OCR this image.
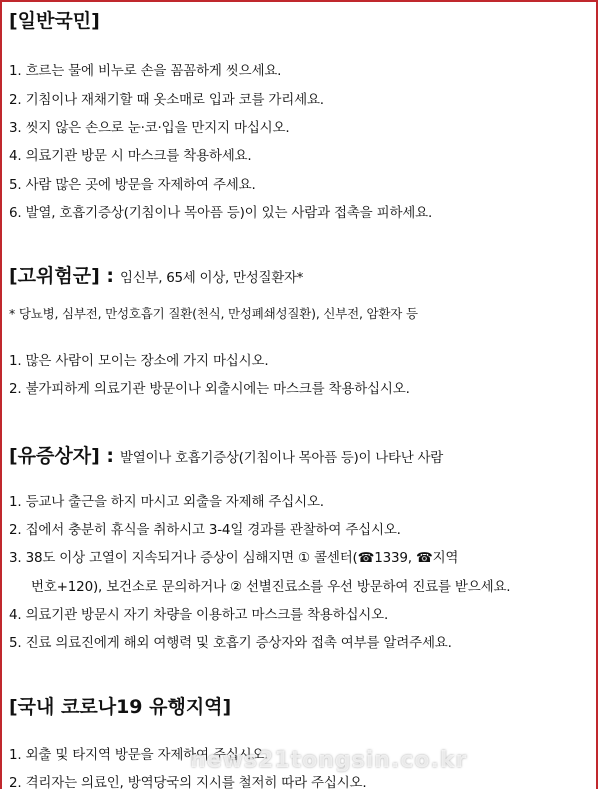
[일반국민]
1. 흐르는 물에 비누로 손을 꼼꼼하게 씻으세요.
2. 기침이나 재채기할 때 옷소매로 입과 코를 가리세요.
3. 씻지 않은 손으로 눈·코·입을 만지지 마십시오.
4. 의료기관 방문 시 마스크를 착용하세요.
5. 사람 많은 곳에 방문을 자제하여 주세요.
6. 발열, 호흡기증상(기침이나 목아픔 등)이 있는 사람과 접촉을 피하세요.
[고위험군] : 임신부, 65세 이상, 만성질환자*
* 당뇨병, 심부전, 만성호흡기 질환(천식, 만성폐쇄성질환), 신부전, 암환자 등
1. 많은 사람이 모이는 장소에 가지 마십시오.
2. 불가피하게 의료기관 방문이나 외출시에는 마스크를 착용하십시오.
[유증상자] : 발열이나 호흡기증상(기침이나 목아픔 등)이 나타난 사람
1. 등교나 출근을 하지 마시고 외출을 자제해 주십시오.
2. 집에서 충분히 휴식을 취하시고 3-4일 경과를 관찰하여 주십시오.
3. 38도 이상 고열이 지속되거나 증상이 심해지면 ① 콜센터(☎1339, ☎지역
번호+120), 보건소로 문의하거나 ② 선별진료소를 우선 방문하여 진료를 받으세요.
4. 의료기관 방문시 자기 차량을 이용하고 마스크를 착용하십시오.
5. 진료 의료진에게 해외 여행력 및 호흡기 증상자와 접촉 여부를 알려주세요.
[국내 코로나19 유행지역]
1. 외출 및 타지역 방문을 자제하여 주십시오.
2. 격리자는 의료인, 방역당국의 지시를 철저히 따라 주십시오.
news21tongsin.co.kr
